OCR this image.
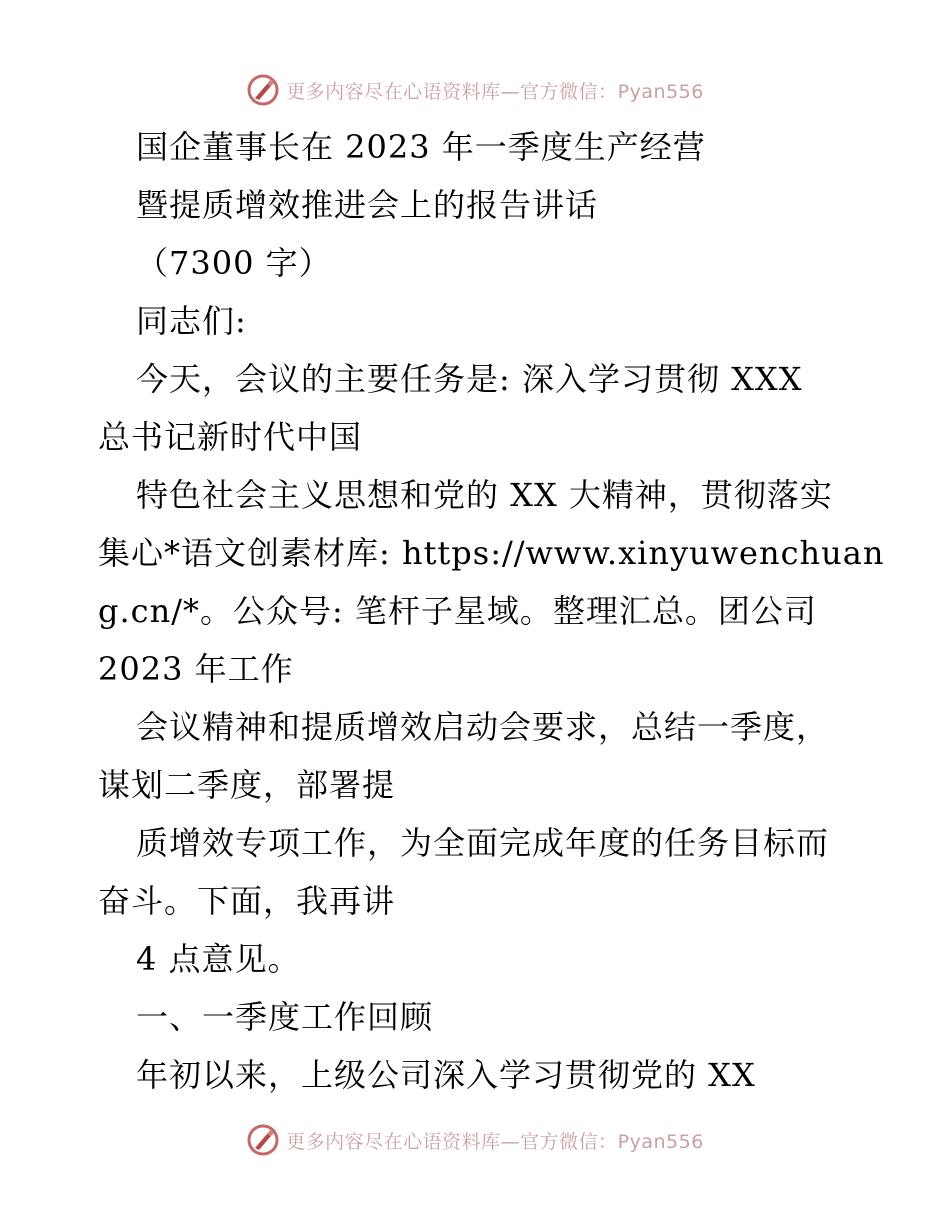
更多内容尽在心语资料库—官方微信：Pyan556
国企董事长在 2023 年一季度生产经营
暨提质增效推进会上的报告讲话
（7300 字）
同志们:
今天，会议的主要任务是: 深入学习贯彻 XXX
总书记新时代中国
特色社会主义思想和党的 XX 大精神，贯彻落实
集心*语文创素材库: https://www.xinyuwenchuan
g.cn/*。公众号: 笔杆子星域。整理汇总。团公司
2023 年工作
会议精神和提质增效启动会要求，总结一季度，
谋划二季度，部署提
质增效专项工作，为全面完成年度的任务目标而
奋斗。下面，我再讲
4 点意见。
一、一季度工作回顾
年初以来，上级公司深入学习贯彻党的 XX
更多内容尽在心语资料库—官方微信：Pyan556
